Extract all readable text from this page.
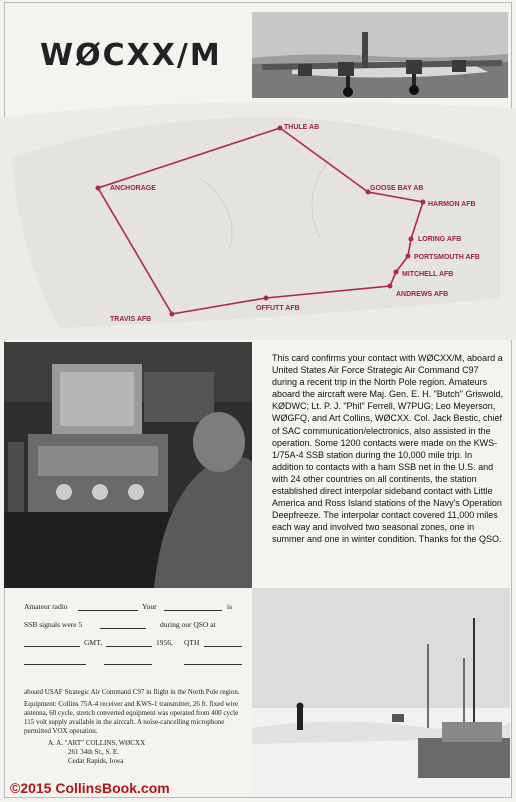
WØCXX/M
THULE AB
GOOSE BAY AB
HARMON AFB
LORING AFB
PORTSMOUTH AFB
MITCHELL AFB
ANDREWS AFB
OFFUTT AFB
TRAVIS AFB
ANCHORAGE

This card confirms your contact with WØCXX/M, aboard a United States Air Force Strategic Air Command C97 during a recent trip in the North Pole region. Amateurs aboard the aircraft were Maj. Gen. E. H. "Butch" Griswold, KØDWC; Lt. P. J. "Phil" Ferrell, W7PUG; Leo Meyerson, WØGFQ, and Art Collins, WØCXX. Col. Jack Bestic, chief of SAC communication/electronics, also assisted in the operation. Some 1200 contacts were made on the KWS-1/75A-4 SSB station during the 10,000 mile trip. In addition to contacts with a ham SSB net in the U.S. and with 24 other countries on all continents, the station established direct interpolar sideband contact with Little America and Ross Island stations of the Navy's Operation Deepfreeze. The interpolar contact covered 11,000 miles each way and involved two seasonal zones, one in summer and one in winter condition. Thanks for the QSO.

Amateur radio	Your	is
SSB signals were 5	during our QSO at
GMT,	1956, QTH

aboard USAF Strategic Air Command C97 in flight in the North Pole region.

Equipment: Collins 75A-4 receiver and KWS-1 transmitter, 26 ft. fixed wire antenna, 60 cycle, stretch converted equipment was operated from 400 cycle 115 volt supply available in the aircraft. A noise-cancelling microphone permitted VOX operation.

A. A. "ART" COLLINS, WØCXX

261 34th St., S. E.

Cedar Rapids, Iowa

©2015 CollinsBook.com
